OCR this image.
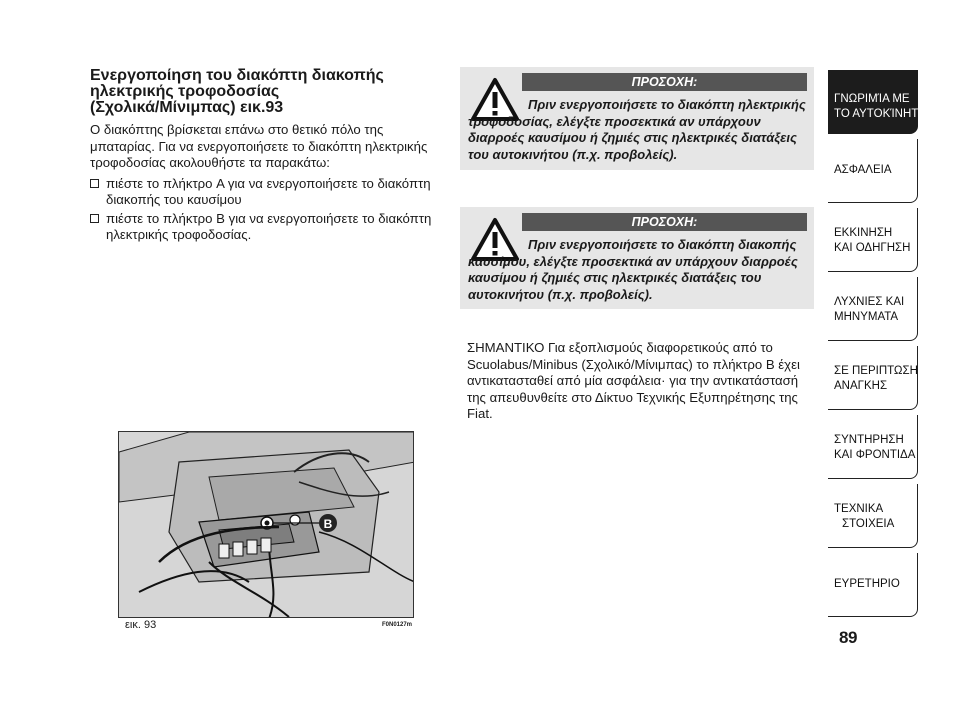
Ενεργοποίηση του διακόπτη διακοπής
ηλεκτρικής τροφοδοσίας
(Σχολικά/Μίνιμπας) εικ.93

Ο διακόπτης βρίσκεται επάνω στο θετικό πόλο της μπαταρίας. Για να ενεργοποιήσετε το διακόπτη ηλεκτρικής τροφοδοσίας ακολουθήστε τα παρακάτω:

πιέστε το πλήκτρο A για να ενεργοποιήσετε το διακόπτη διακοπής του καυσίμου
πιέστε το πλήκτρο B για να ενεργοποιήσετε το διακόπτη ηλεκτρικής τροφοδοσίας.
ΠΡΟΣΟΧΗ:
Πριν ενεργοποιήσετε το διακόπτη ηλεκτρικής τροφοδοσίας, ελέγξτε προσεκτικά αν υπάρχουν διαρροές καυσίμου ή ζημιές στις ηλεκτρικές διατάξεις του αυτοκινήτου (π.χ. προβολείς).
ΠΡΟΣΟΧΗ:
Πριν ενεργοποιήσετε το διακόπτη διακοπής καυσίμου, ελέγξτε προσεκτικά αν υπάρχουν διαρροές καυσίμου ή ζημιές στις ηλεκτρικές διατάξεις του αυτοκινήτου (π.χ. προβολείς).

ΣΗΜΑΝΤΙΚΟ Για εξοπλισμούς διαφορετικούς από το Scuolabus/Minibus (Σχολικό/Μίνιμπας) το πλήκτρο B έχει αντικατασταθεί από μία ασφάλεια· για την αντικατάστασή της απευθυνθείτε στο Δίκτυο Τεχνικής Εξυπηρέτησης της Fiat.

B
εικ. 93	F0N0127m
ΓΝΩΡΙΜΊΑ ΜΕ
ΤΟ ΑΥΤΟΚΊΝΗΤΟ
ΑΣΦΑΛΕΙΑ
ΕΚΚΙΝΗΣΗ
ΚΑΙ ΟΔΗΓΗΣΗ
ΛΥΧΝΙΕΣ ΚΑΙ
ΜΗΝΥΜΑΤΑ
ΣΕ ΠΕΡΙΠΤΩΣΗ
ΑΝΑΓΚΗΣ
ΣΥΝΤΗΡΗΣΗ
ΚΑΙ ΦΡΟΝΤΙΔΑ
ΤΕΧΝΙΚΑ
ΣΤΟΙΧΕΙΑ
ΕΥΡΕΤΗΡΙΟ
89
